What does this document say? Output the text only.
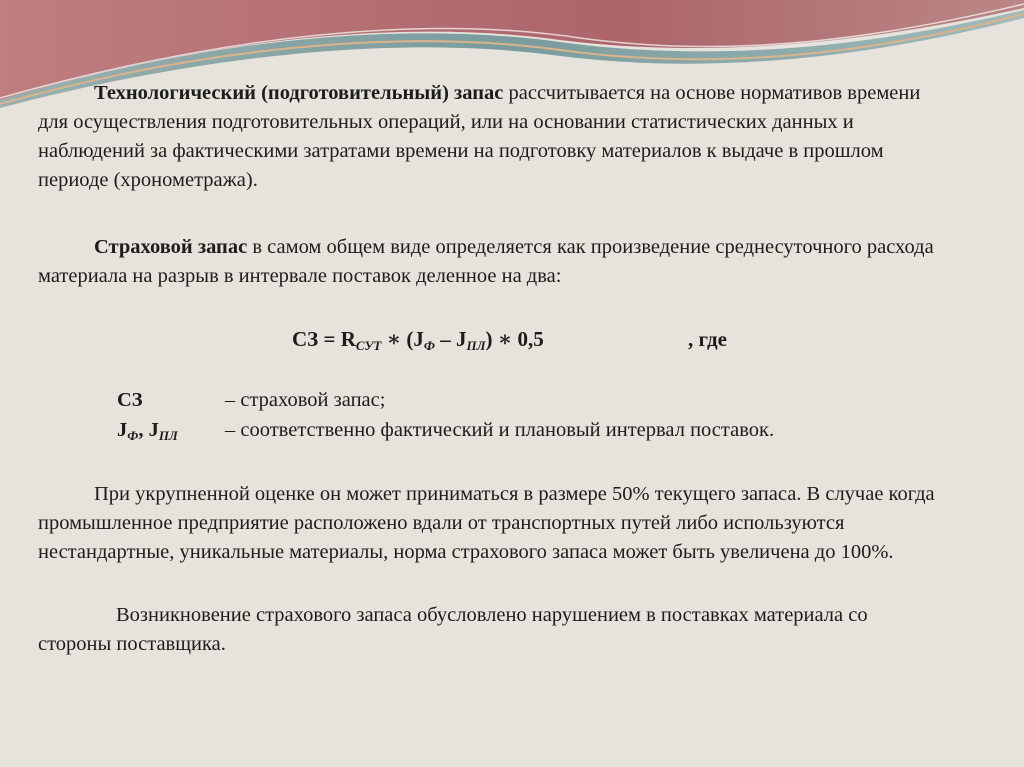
Технологический (подготовительный) запас рассчитывается на основе нормативов времени для осуществления подготовительных операций, или на основании статистических данных и наблюдений за фактическими затратами времени на подготовку материалов к выдаче в прошлом периоде (хронометража).

Страховой запас в самом общем виде определяется как произведение среднесуточного расхода материала на разрыв в интервале поставок деленное на два:

СЗ = $R_{СУТ}$ ∗ $(J_Ф - J_{ПЛ})$ ∗ 0,5	, где
СЗ	– страховой запас;
$J_Ф$, $J_{ПЛ}$ – соответственно фактический и плановый интервал поставок.

При укрупненной оценке он может приниматься в размере 50% текущего запаса. В случае когда промышленное предприятие расположено вдали от транспортных путей либо используются нестандартные, уникальные материалы, норма страхового запаса может быть увеличена до 100%.

Возникновение страхового запаса обусловлено нарушением в поставках материала со стороны поставщика.
